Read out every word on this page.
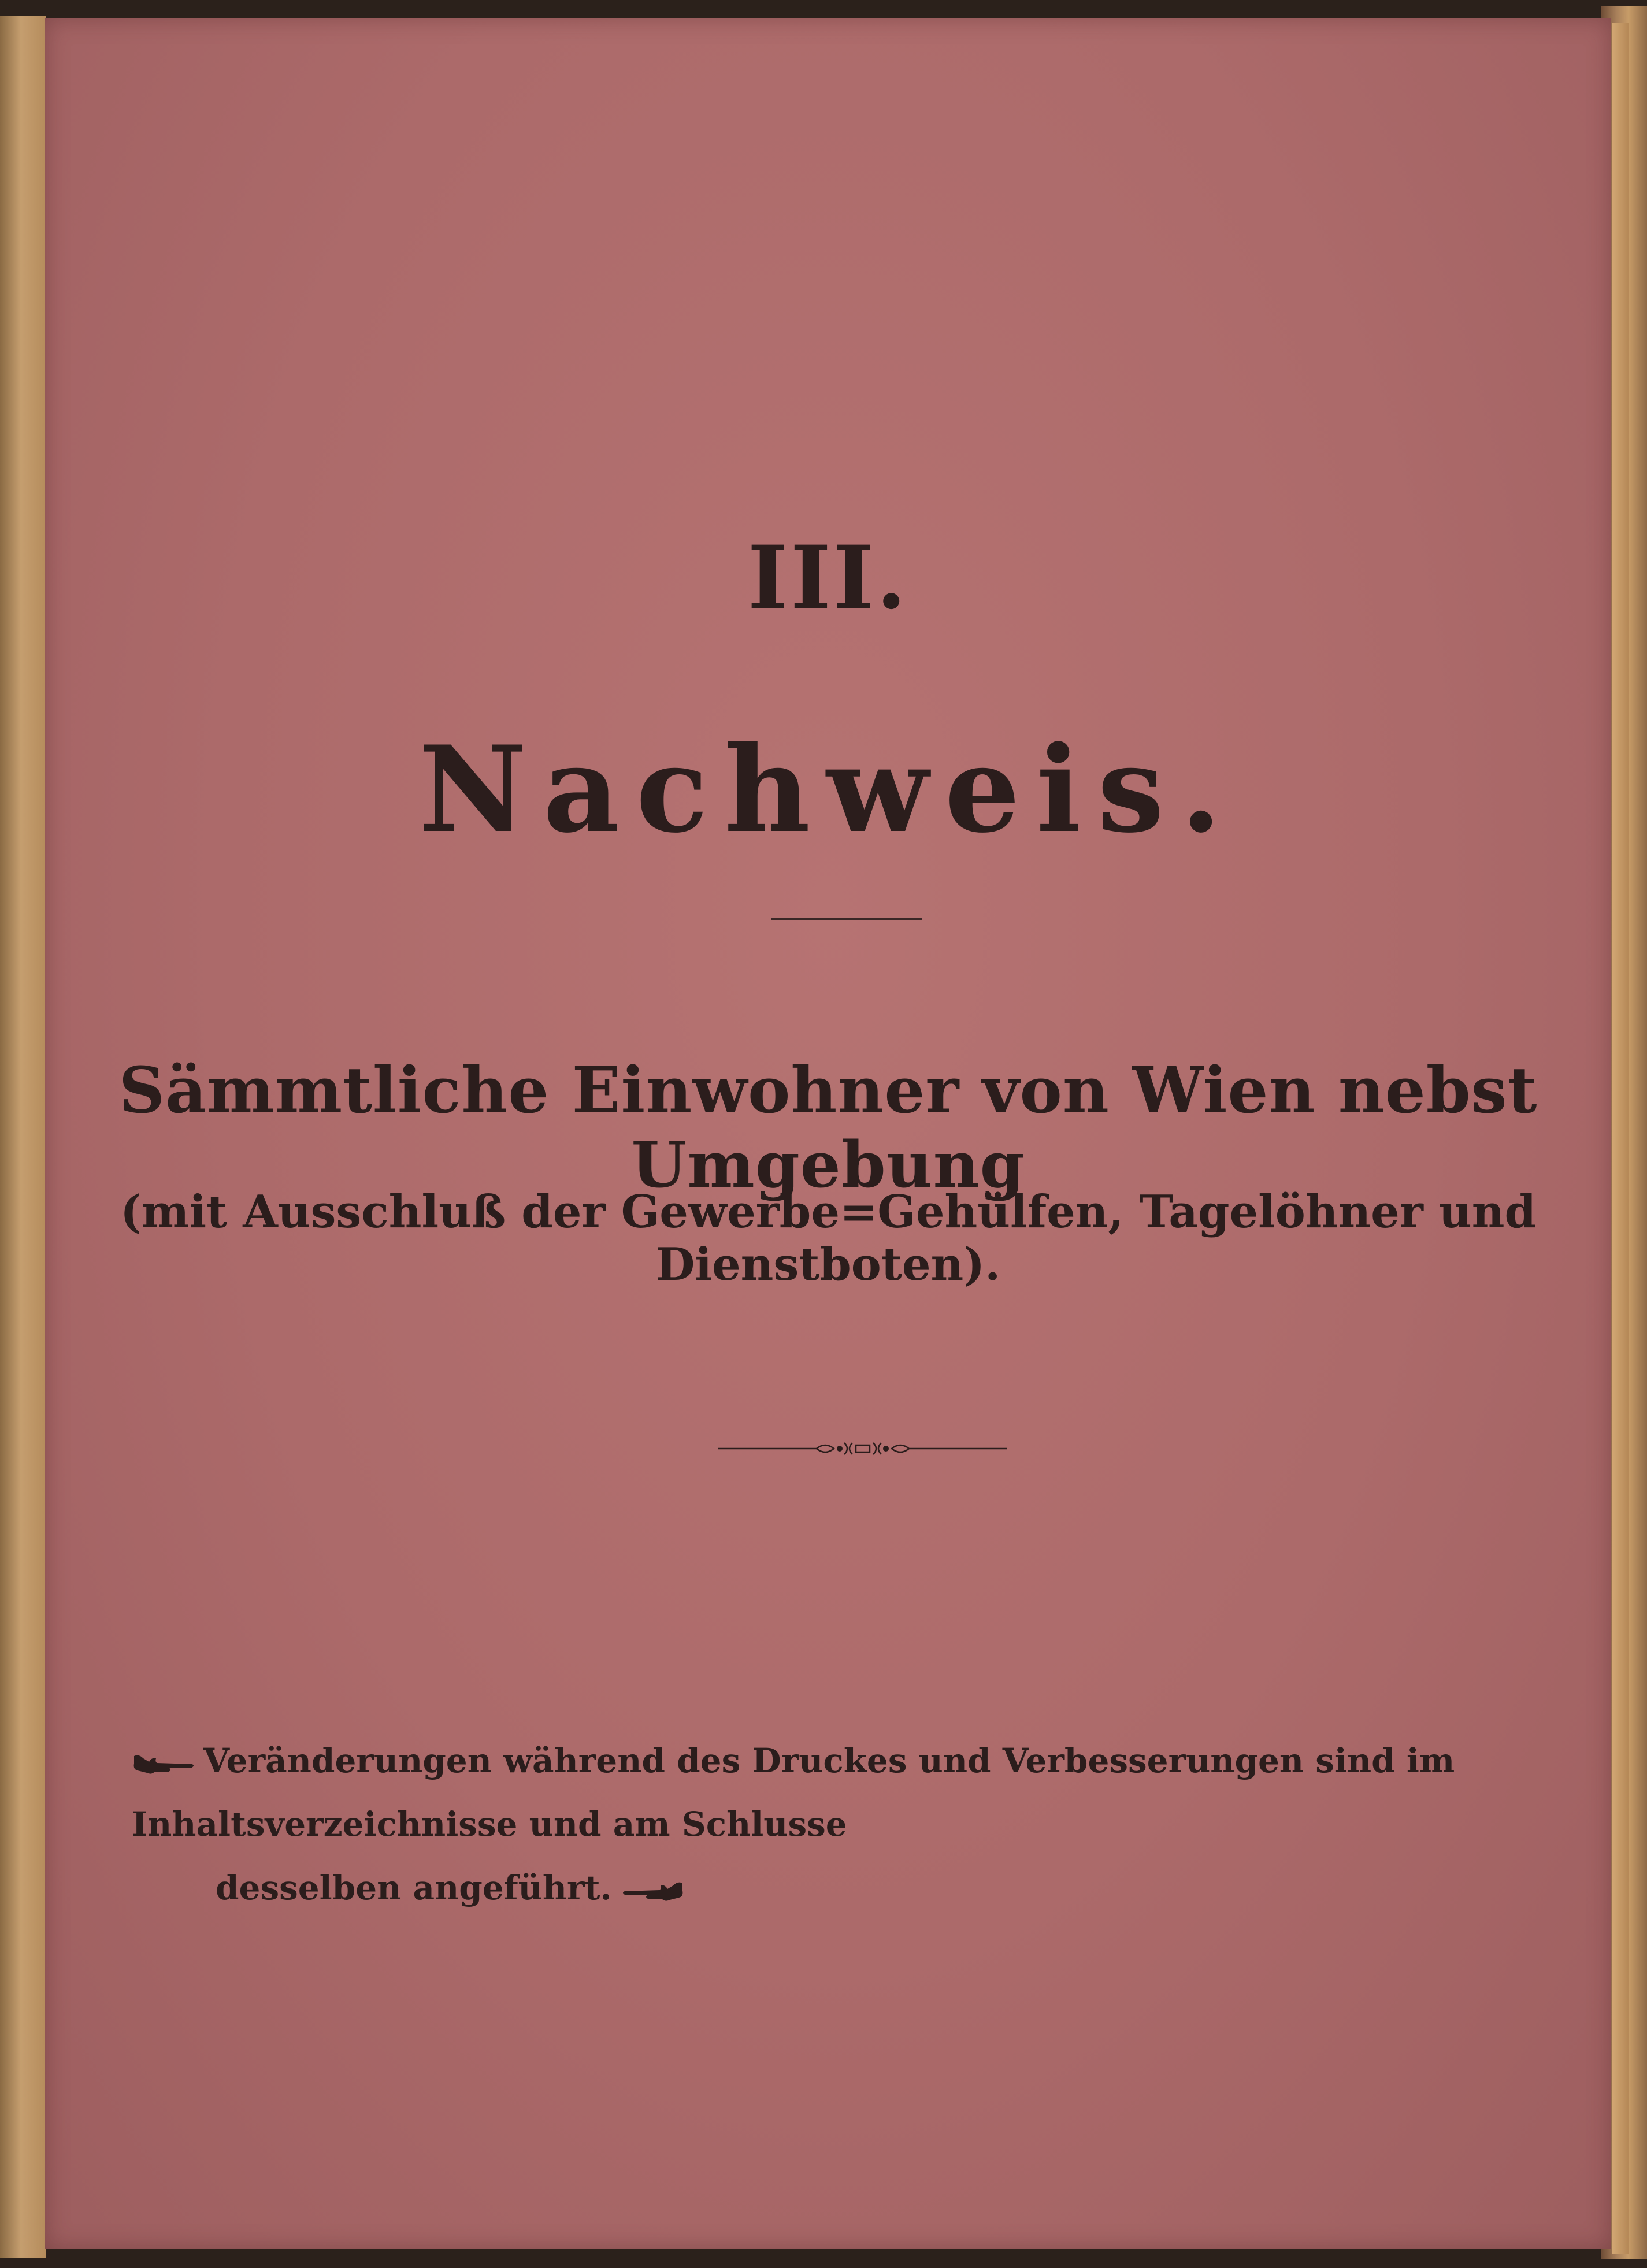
III.
Nachweis.
Sämmtliche Einwohner von Wien nebst Umgebung
(mit Ausschluß der Gewerbe=Gehülfen, Tagelöhner und Dienstboten).
Veränderungen während des Druckes und Verbesserungen sind im Inhaltsverzeichnisse und am Schlusse
desselben angeführt.
